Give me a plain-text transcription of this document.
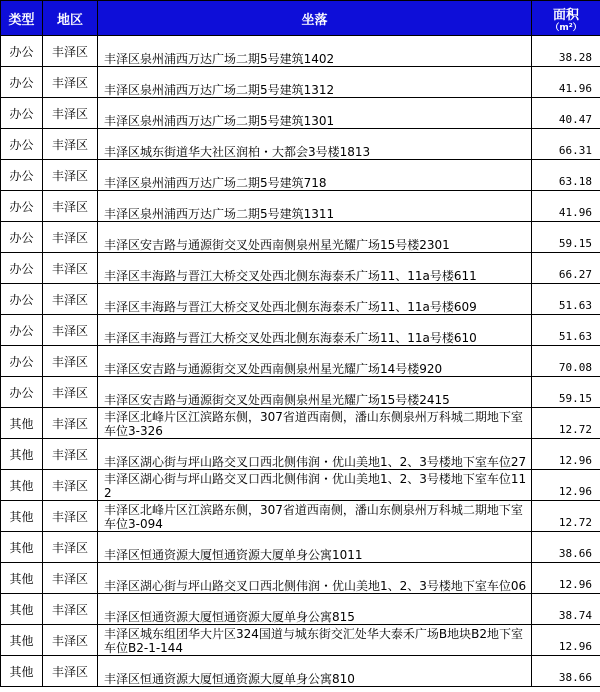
类型	地区	坐落	面积
（m²）

办公	丰泽区	丰泽区泉州浦西万达广场二期5号建筑1402	38.28
办公	丰泽区	丰泽区泉州浦西万达广场二期5号建筑1312	41.96
办公	丰泽区	丰泽区泉州浦西万达广场二期5号建筑1301	40.47
办公	丰泽区	丰泽区城东街道华大社区润柏・大都会3号楼1813	66.31
办公	丰泽区	丰泽区泉州浦西万达广场二期5号建筑718	63.18
办公	丰泽区	丰泽区泉州浦西万达广场二期5号建筑1311	41.96
办公	丰泽区	丰泽区安吉路与通源街交叉处西南侧泉州星光耀广场15号楼2301	59.15
办公	丰泽区	丰泽区丰海路与晋江大桥交叉处西北侧东海泰禾广场11、11a号楼611	66.27
办公	丰泽区	丰泽区丰海路与晋江大桥交叉处西北侧东海泰禾广场11、11a号楼609	51.63
办公	丰泽区	丰泽区丰海路与晋江大桥交叉处西北侧东海泰禾广场11、11a号楼610	51.63
办公	丰泽区	丰泽区安吉路与通源街交叉处西南侧泉州星光耀广场14号楼920	70.08
办公	丰泽区	丰泽区安吉路与通源街交叉处西南侧泉州星光耀广场15号楼2415	59.15
其他	丰泽区	丰泽区北峰片区江滨路东侧，307省道西南侧，潘山东侧泉州万科城二期地下室车位3-326	12.72
其他	丰泽区	丰泽区湖心街与坪山路交叉口西北侧伟润・优山美地1、2、3号楼地下室车位27	12.96
其他	丰泽区	丰泽区湖心街与坪山路交叉口西北侧伟润・优山美地1、2、3号楼地下室车位112	12.96
其他	丰泽区	丰泽区北峰片区江滨路东侧，307省道西南侧，潘山东侧泉州万科城二期地下室车位3-094	12.72
其他	丰泽区	丰泽区恒通资源大厦恒通资源大厦单身公寓1011	38.66
其他	丰泽区	丰泽区湖心街与坪山路交叉口西北侧伟润・优山美地1、2、3号楼地下室车位06	12.96
其他	丰泽区	丰泽区恒通资源大厦恒通资源大厦单身公寓815	38.74
其他	丰泽区	丰泽区城东组团华大片区324国道与城东街交汇处华大泰禾广场B地块B2地下室车位B2-1-144	12.96
其他	丰泽区	丰泽区恒通资源大厦恒通资源大厦单身公寓810	38.66
